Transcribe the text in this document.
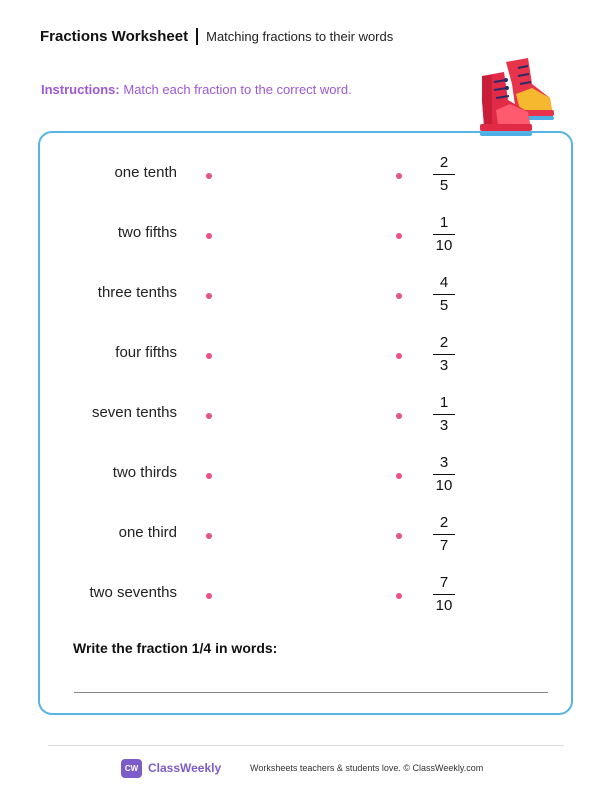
Fractions Worksheet Matching fractions to their words
Instructions: Match each fraction to the correct word.
one tenth
2
5
two fifths
1
10
three tenths
4
5
four fifths
2
3
seven tenths
1
3
two thirds
3
10
one third
2
7
two sevenths
7
10
Write the fraction 1/4 in words:
CW ClassWeekly	Worksheets teachers & students love. © ClassWeekly.com
